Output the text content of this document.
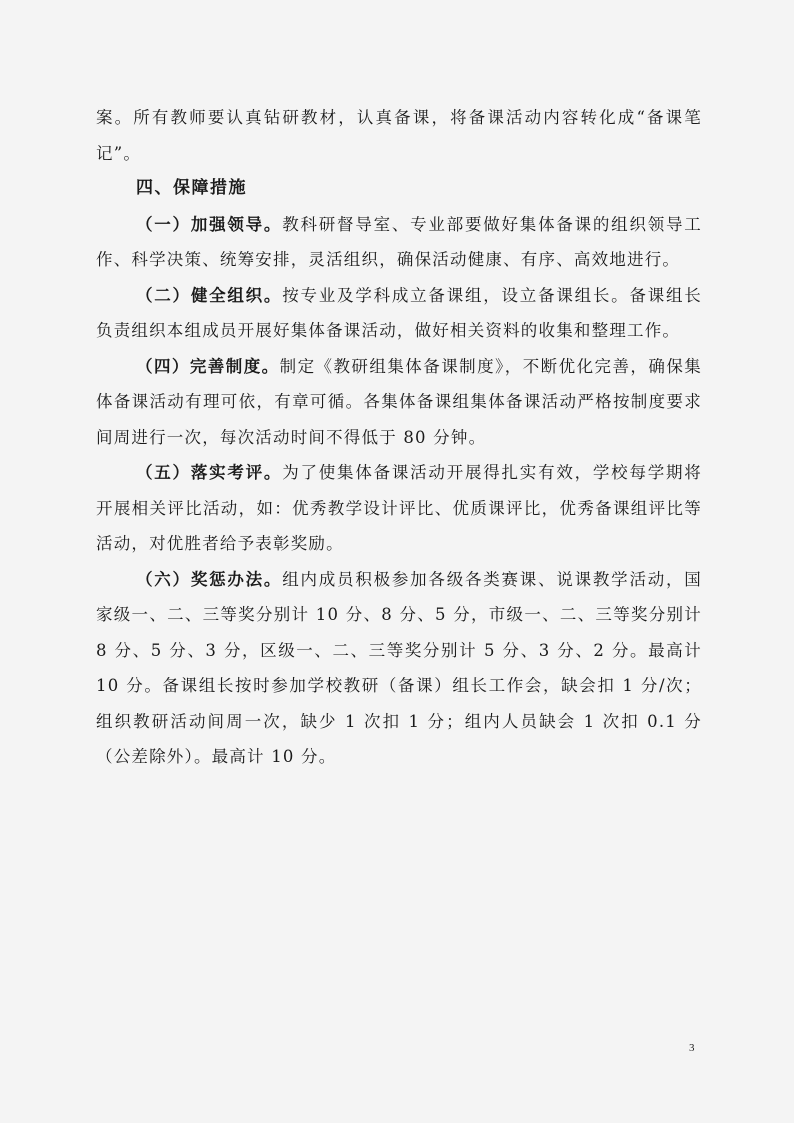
案。所有教师要认真钻研教材，认真备课，将备课活动内容转化成“备课笔记”。

四、保障措施

（一）加强领导。教科研督导室、专业部要做好集体备课的组织领导工作、科学决策、统筹安排，灵活组织，确保活动健康、有序、高效地进行。

（二）健全组织。按专业及学科成立备课组，设立备课组长。备课组长负责组织本组成员开展好集体备课活动，做好相关资料的收集和整理工作。

（四）完善制度。制定《教研组集体备课制度》，不断优化完善，确保集体备课活动有理可依，有章可循。各集体备课组集体备课活动严格按制度要求间周进行一次，每次活动时间不得低于 80 分钟。

（五）落实考评。为了使集体备课活动开展得扎实有效，学校每学期将开展相关评比活动，如：优秀教学设计评比、优质课评比，优秀备课组评比等活动，对优胜者给予表彰奖励。

（六）奖惩办法。组内成员积极参加各级各类赛课、说课教学活动，国家级一、二、三等奖分别计 10 分、8 分、5 分，市级一、二、三等奖分别计 8 分、5 分、3 分，区级一、二、三等奖分别计 5 分、3 分、2 分。最高计 10 分。备课组长按时参加学校教研（备课）组长工作会，缺会扣 1 分/次；组织教研活动间周一次，缺少 1 次扣 1 分；组内人员缺会 1 次扣 0.1 分（公差除外）。最高计 10 分。

3
